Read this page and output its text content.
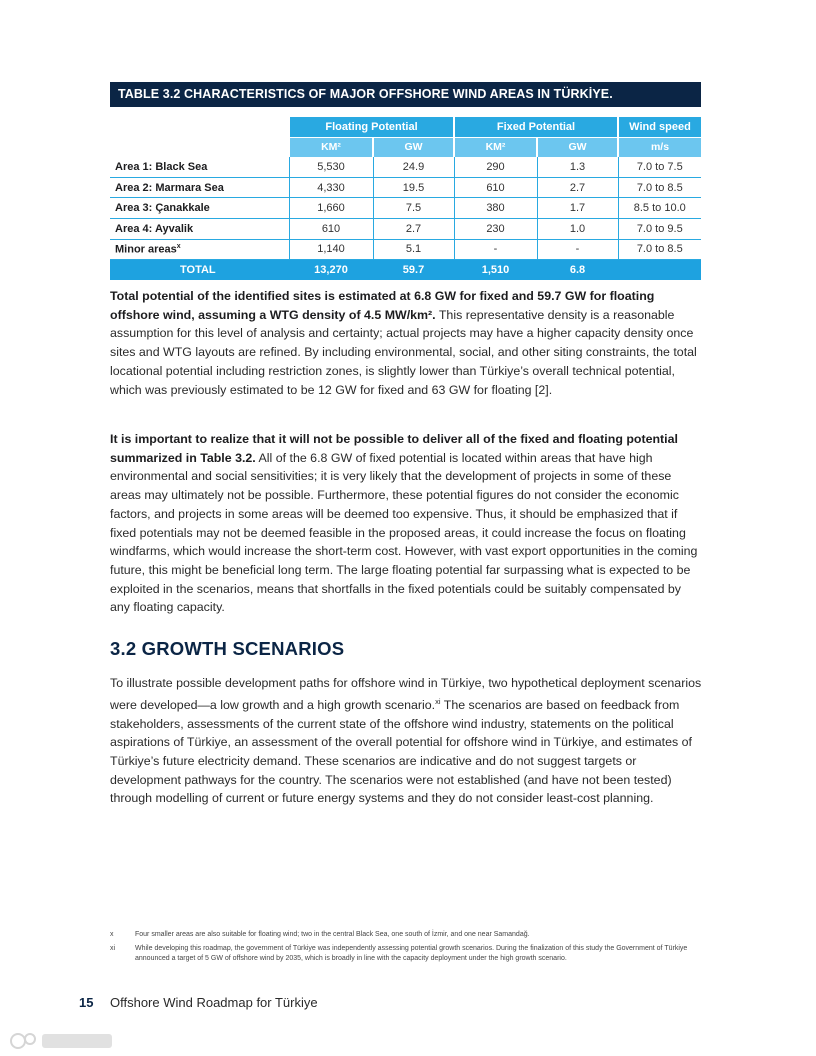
TABLE 3.2 CHARACTERISTICS OF MAJOR OFFSHORE WIND AREAS IN TÜRKİYE.
	Floating Potential		Fixed Potential		Wind speed
	KM²	GW	KM²	GW	m/s
Area 1: Black Sea	5,530	24.9	290	1.3	7.0 to 7.5
Area 2: Marmara Sea	4,330	19.5	610	2.7	7.0 to 8.5
Area 3: Çanakkale	1,660	7.5	380	1.7	8.5 to 10.0
Area 4: Ayvalik	610	2.7	230	1.0	7.0 to 9.5
Minor areas$^x$	1,140	5.1	-	-	7.0 to 8.5
TOTAL	13,270	59.7	1,510	6.8	

Total potential of the identified sites is estimated at 6.8 GW for fixed and 59.7 GW for floating offshore wind, assuming a WTG density of 4.5 MW/km². This representative density is a reasonable assumption for this level of analysis and certainty; actual projects may have a higher capacity density once sites and WTG layouts are refined. By including environmental, social, and other siting constraints, the total locational potential including restriction zones, is slightly lower than Türkiye’s overall technical potential, which was previously estimated to be 12 GW for fixed and 63 GW for floating [2].

It is important to realize that it will not be possible to deliver all of the fixed and floating potential summarized in Table 3.2. All of the 6.8 GW of fixed potential is located within areas that have high environmental and social sensitivities; it is very likely that the development of projects in some of these areas may ultimately not be possible. Furthermore, these potential figures do not consider the economic factors, and projects in some areas will be deemed too expensive. Thus, it should be emphasized that if fixed potentials may not be deemed feasible in the proposed areas, it could increase the focus on floating windfarms, which would increase the short-term cost. However, with vast export opportunities in the coming future, this might be beneficial long term. The large floating potential far surpassing what is expected to be exploited in the scenarios, means that shortfalls in the fixed potentials could be suitably compensated by any floating capacity.

3.2 GROWTH SCENARIOS

To illustrate possible development paths for offshore wind in Türkiye, two hypothetical deployment scenarios were developed—a low growth and a high growth scenario.$^{xi}$ The scenarios are based on feedback from stakeholders, assessments of the current state of the offshore wind industry, statements on the political aspirations of Türkiye, an assessment of the overall potential for offshore wind in Türkiye, and estimates of Türkiye’s future electricity demand. These scenarios are indicative and do not suggest targets or development pathways for the country. The scenarios were not established (and have not been tested) through modelling of current or future energy systems and they do not consider least-cost planning.

x	Four smaller areas are also suitable for floating wind; two in the central Black Sea, one south of İzmir, and one near Samandağ.
xi	While developing this roadmap, the government of Türkiye was independently assessing potential growth scenarios. During the finalization of this study the Government of Türkiye announced a target of 5 GW of offshore wind by 2035, which is broadly in line with the capacity deployment under the high growth scenario.
15 Offshore Wind Roadmap for Türkiye
